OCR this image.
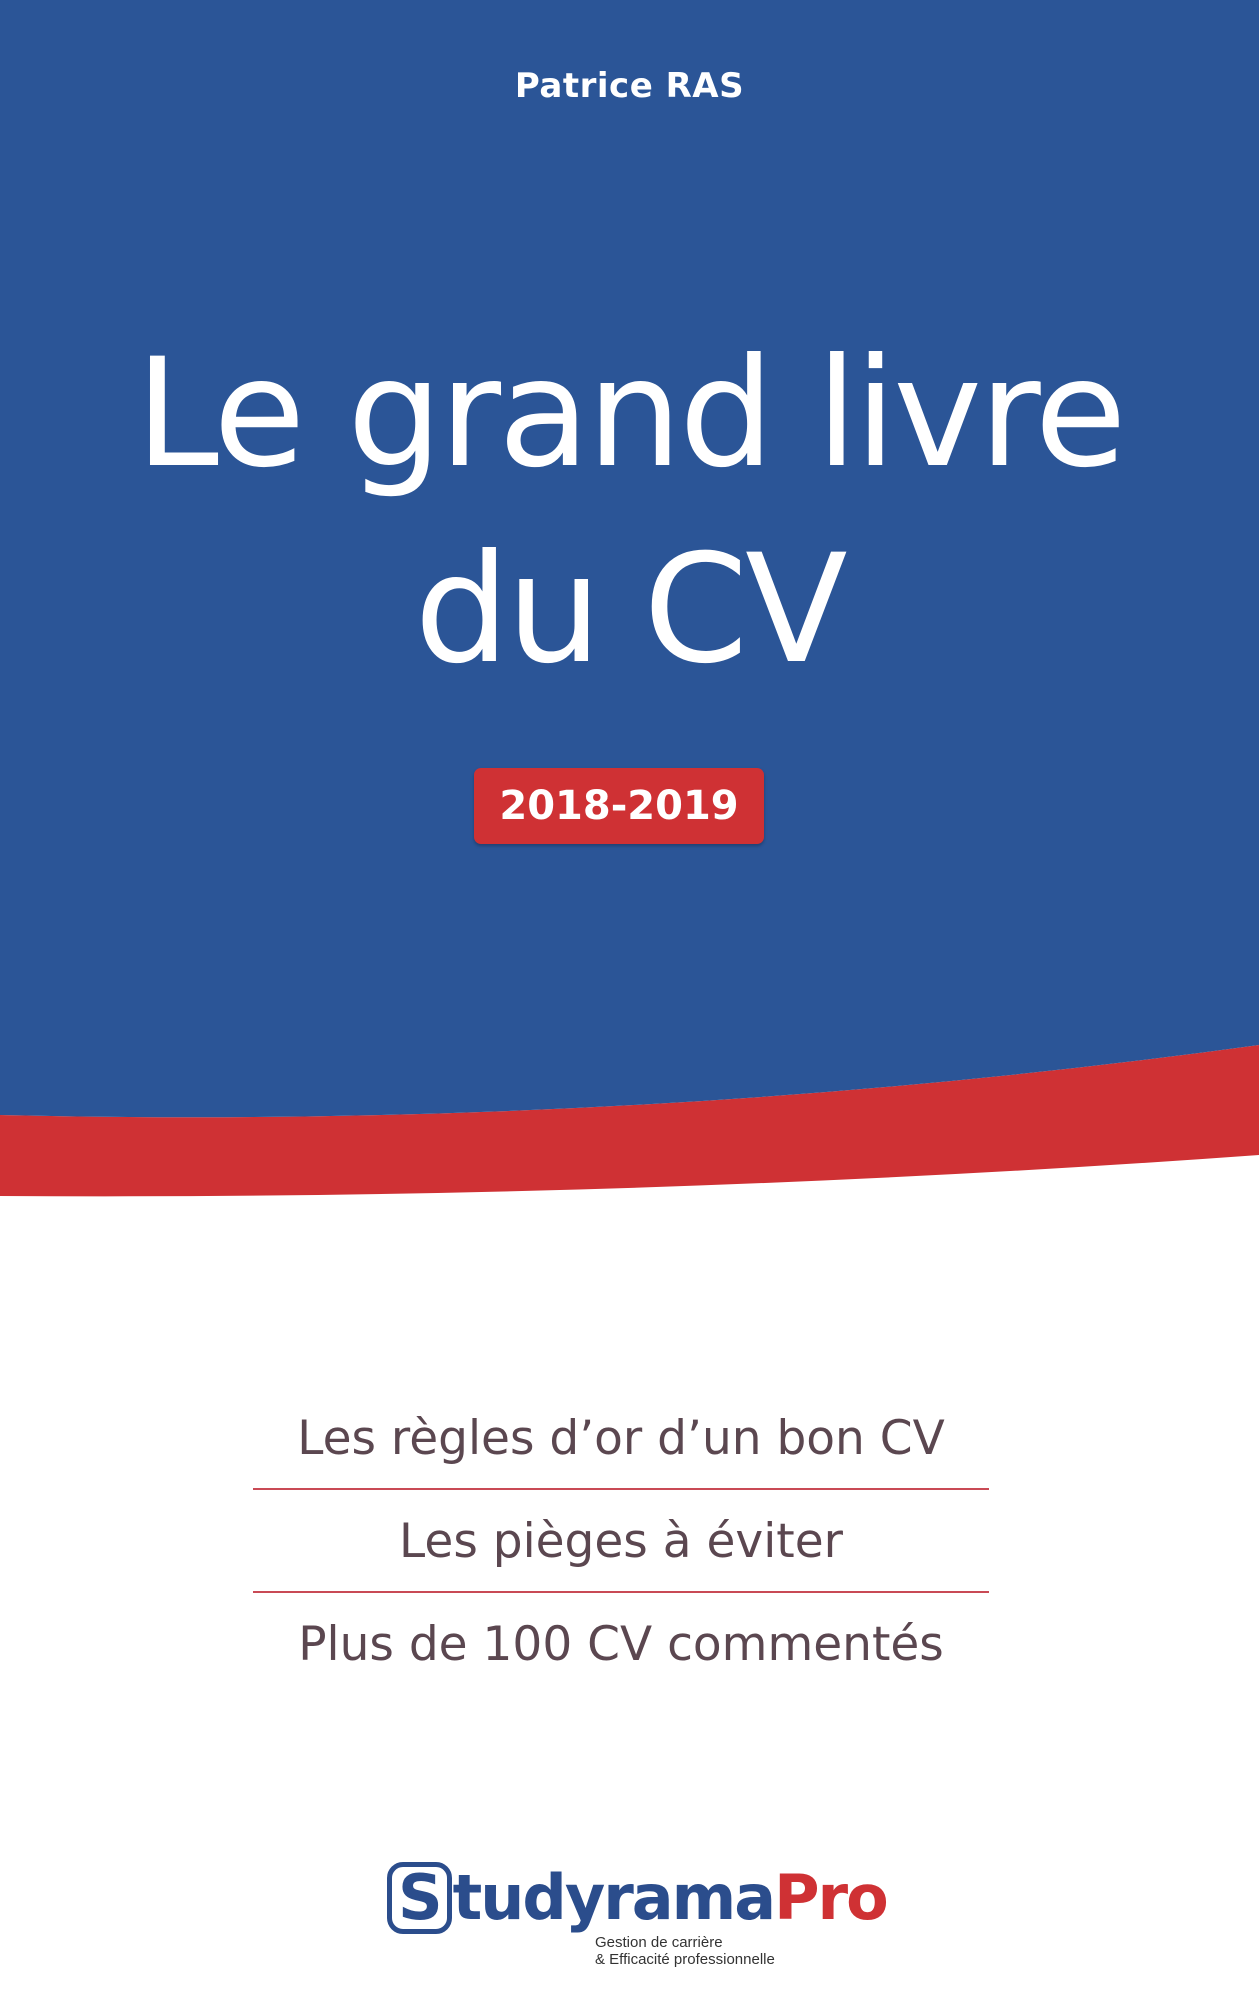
Patrice RAS
Le grand livre
du CV
2018-2019
Les règles d’or d’un bon CV
Les pièges à éviter
Plus de 100 CV commentés
S tudyramaPro
Gestion de carrière
& Efficacité professionnelle
